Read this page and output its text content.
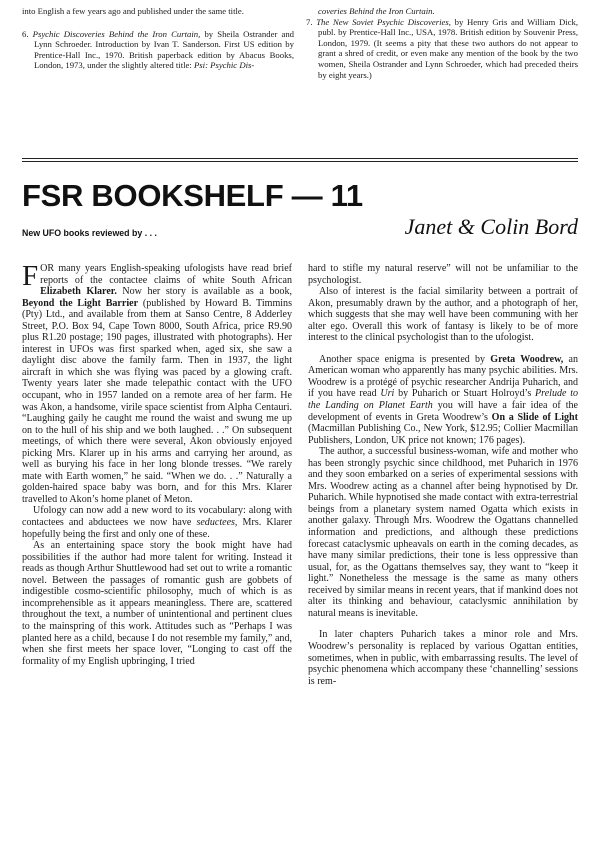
into English a few years ago and published under the same title.

6. Psychic Discoveries Behind the Iron Curtain, by Sheila Ostrander and Lynn Schroeder. Introduction by Ivan T. Sanderson. First US edition by Prentice-Hall Inc., 1970. British paperback edition by Abacus Books, London, 1973, under the slightly altered title: Psi: Psychic Dis-

coveries Behind the Iron Curtain.

7. The New Soviet Psychic Discoveries, by Henry Gris and William Dick, publ. by Prentice-Hall Inc., USA, 1978. British edition by Souvenir Press, London, 1979. (It seems a pity that these two authors do not appear to grant a shred of credit, or even make any mention of the book by the two women, Sheila Ostrander and Lynn Schroeder, which had preceded theirs by eight years.)

FSR BOOKSHELF — 11

New UFO books reviewed by . . .	Janet & Colin Bord

FOR many years English-speaking ufologists have read brief reports of the contactee claims of white South African Elizabeth Klarer. Now her story is available as a book, Beyond the Light Barrier (published by Howard B. Timmins (Pty) Ltd., and available from them at Sanso Centre, 8 Adderley Street, P.O. Box 94, Cape Town 8000, South Africa, price R9.90 plus R1.20 postage; 190 pages, illustrated with photographs). Her interest in UFOs was first sparked when, aged six, she saw a daylight disc above the family farm. Then in 1937, the light aircraft in which she was flying was paced by a glowing craft. Twenty years later she made telepathic contact with the UFO occupant, who in 1957 landed on a remote area of her farm. He was Akon, a handsome, virile space scientist from Alpha Centauri. “Laughing gaily he caught me round the waist and swung me up on to the hull of his ship and we both laughed. . .” On subsequent meetings, of which there were several, Akon obviously enjoyed picking Mrs. Klarer up in his arms and carrying her around, as well as burying his face in her long blonde tresses. “We rarely mate with Earth women,” he said. “When we do. . .” Naturally a golden-haired space baby was born, and for this Mrs. Klarer travelled to Akon’s home planet of Meton.

Ufology can now add a new word to its vocabulary: along with contactees and abductees we now have seductees, Mrs. Klarer hopefully being the first and only one of these.

As an entertaining space story the book might have had possibilities if the author had more talent for writing. Instead it reads as though Arthur Shuttlewood had set out to write a romantic novel. Between the passages of romantic gush are gobbets of indigestible cosmo-scientific philosophy, much of which is as incomprehensible as it appears meaningless. There are, scattered throughout the text, a number of unintentional and pertinent clues to the mainspring of this work. Attitudes such as “Perhaps I was planted here as a child, because I do not resemble my family,” and, when she first meets her space lover, “Longing to cast off the formality of my English upbringing, I tried

hard to stifle my natural reserve” will not be unfamiliar to the psychologist.

Also of interest is the facial similarity between a portrait of Akon, presumably drawn by the author, and a photograph of her, which suggests that she may well have been communing with her alter ego. Overall this work of fantasy is likely to be of more interest to the clinical psychologist than to the ufologist.

Another space enigma is presented by Greta Woodrew, an American woman who apparently has many psychic abilities. Mrs. Woodrew is a protégé of psychic researcher Andrija Puharich, and if you have read Uri by Puharich or Stuart Holroyd’s Prelude to the Landing on Planet Earth you will have a fair idea of the development of events in Greta Woodrew’s On a Slide of Light (Macmillan Publishing Co., New York, $12.95; Collier Macmillan Publishers, London, UK price not known; 176 pages).

The author, a successful business-woman, wife and mother who has been strongly psychic since childhood, met Puharich in 1976 and they soon embarked on a series of experimental sessions with Mrs. Woodrew acting as a channel after being hypnotised by Dr. Puharich. While hypnotised she made contact with extra-terrestrial beings from a planetary system named Ogatta which exists in another galaxy. Through Mrs. Woodrew the Ogattans channelled information and predictions, and although these predictions forecast cataclysmic upheavals on earth in the coming decades, as have many similar predictions, their tone is less oppressive than usual, for, as the Ogattans themselves say, they want to “keep it light.” Nonetheless the message is the same as many others received by similar means in recent years, that if mankind does not alter its thinking and behaviour, cataclysmic annihilation by natural means is inevitable.

In later chapters Puharich takes a minor role and Mrs. Woodrew’s personality is replaced by various Ogattan entities, sometimes, when in public, with embarrassing results. The level of psychic phenomena which accompany these ‘channelling’ sessions is rem-
